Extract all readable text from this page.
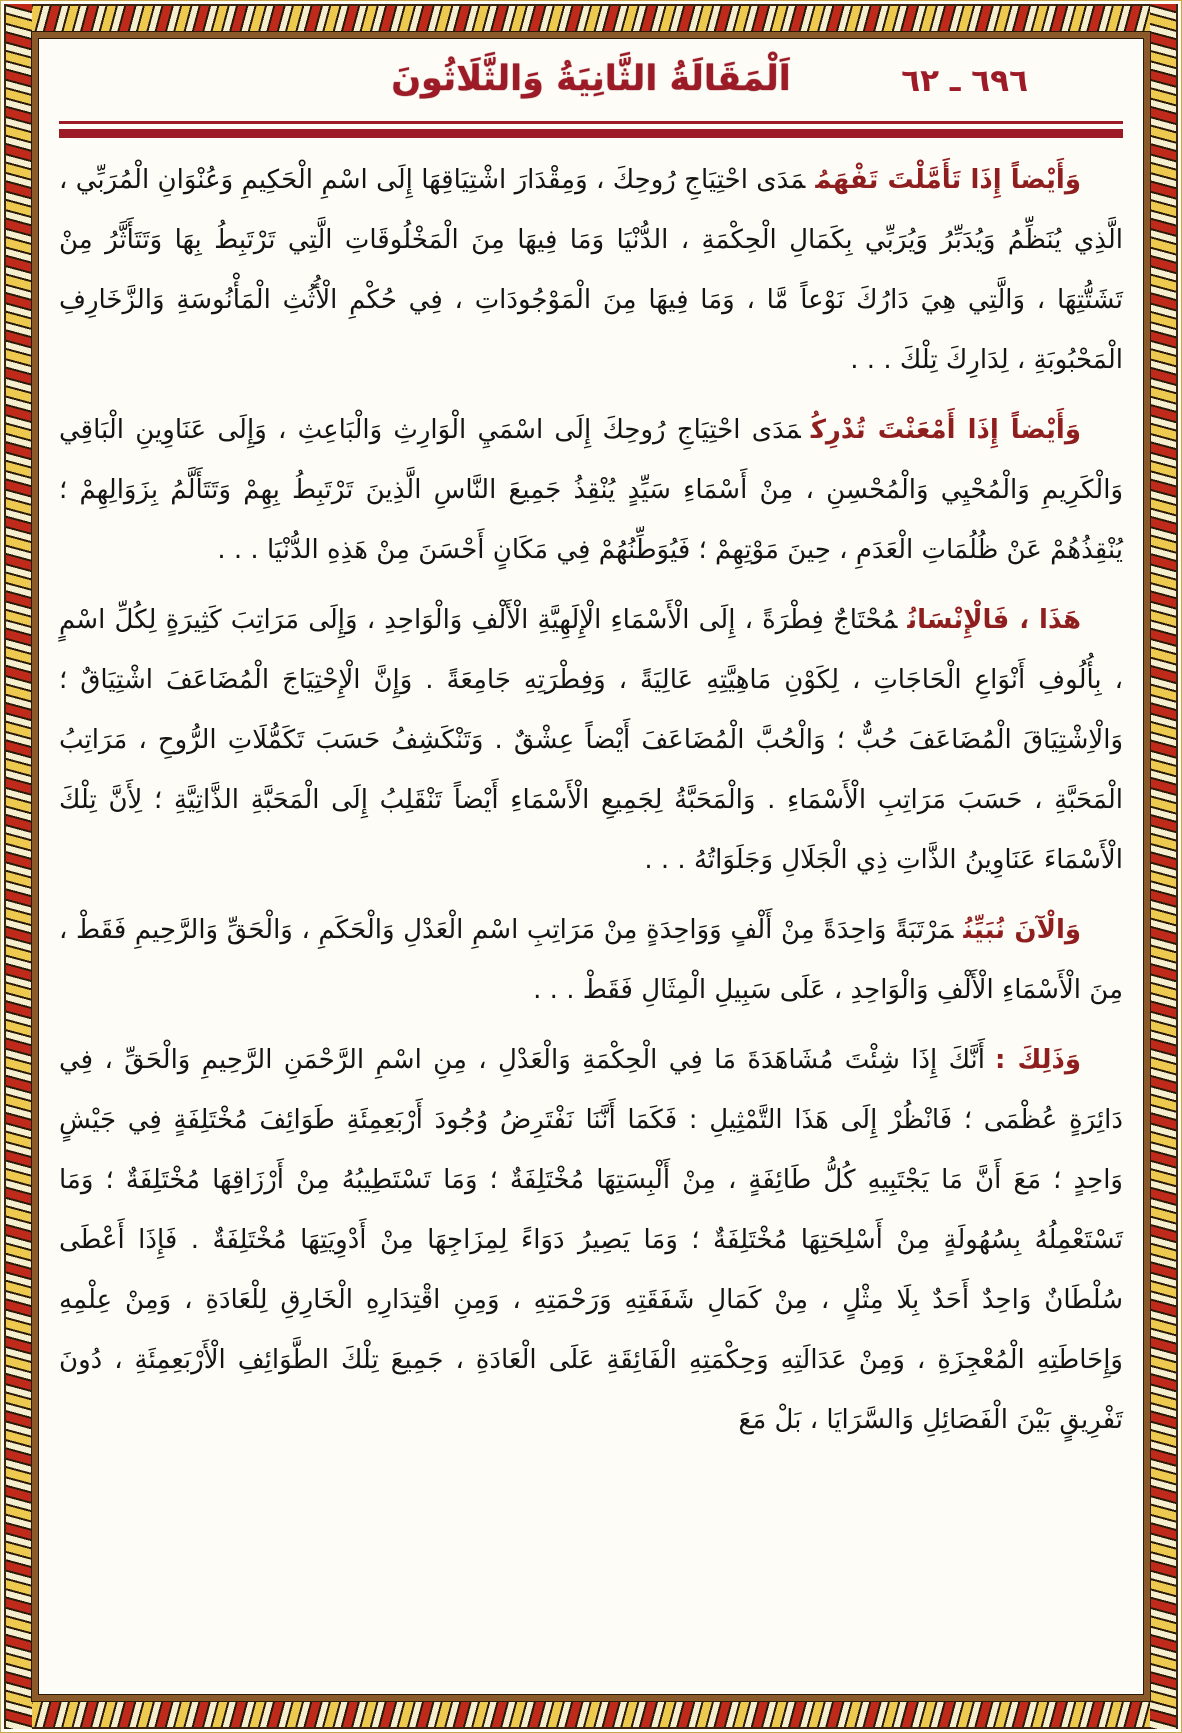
٦٩٦ ـ ٦٢
اَلْمَقَالَةُ الثَّانِيَةُ وَالثَّلَاثُونَ

وَأَيْضاً إِذَا تَأَمَّلْتَ تَفْهَمُمَدَى احْتِيَاجِ رُوحِكَ ، وَمِقْدَارَ اشْتِيَاقِهَا إِلَى اسْمِ الْحَكِيمِ وَعُنْوَانِ الْمُرَبِّي ، الَّذِي يُنَظِّمُ وَيُدَبِّرُ وَيُرَبِّي بِكَمَالِ الْحِكْمَةِ ، الدُّنْيَا وَمَا فِيهَا مِنَ الْمَخْلُوقَاتِ الَّتِي تَرْتَبِطُ بِهَا وَتَتَأَثَّرُ مِنْ تَشَتُّتِهَا ، وَالَّتِي هِيَ دَارُكَ نَوْعاً مَّا ، وَمَا فِيهَا مِنَ الْمَوْجُودَاتِ ، فِي حُكْمِ الْأُثُثِ الْمَأْنُوسَةِ وَالزَّخَارِفِ الْمَحْبُوبَةِ ، لِدَارِكَ تِلْكَ . . .

وَأَيْضاً إِذَا أَمْعَنْتَ تُدْرِكُمَدَى احْتِيَاجِ رُوحِكَ إِلَى اسْمَيِ الْوَارِثِ وَالْبَاعِثِ ، وَإِلَى عَنَاوِينِ الْبَاقِي وَالْكَرِيمِ وَالْمُحْيِي وَالْمُحْسِنِ ، مِنْ أَسْمَاءِ سَيِّدٍ يُنْقِذُ جَمِيعَ النَّاسِ الَّذِينَ تَرْتَبِطُ بِهِمْ وَتَتَأَلَّمُ بِزَوَالِهِمْ ؛ يُنْقِذُهُمْ عَنْ ظُلُمَاتِ الْعَدَمِ ، حِينَ مَوْتِهِمْ ؛ فَيُوَطِّنُهُمْ فِي مَكَانٍ أَحْسَنَ مِنْ هَذِهِ الدُّنْيَا . . .

هَذَا ، فَالْإِنْسَانُمُحْتَاجٌ فِطْرَةً ، إِلَى الْأَسْمَاءِ الْإِلَهِيَّةِ الْأَلْفِ وَالْوَاحِدِ ، وَإِلَى مَرَاتِبَ كَثِيرَةٍ لِكُلِّ اسْمٍ ، بِأُلُوفِ أَنْوَاعِ الْحَاجَاتِ ، لِكَوْنِ مَاهِيَّتِهِ عَالِيَةً ، وَفِطْرَتِهِ جَامِعَةً . وَإِنَّ الْإِحْتِيَاجَ الْمُضَاعَفَ اشْتِيَاقٌ ؛ وَالْاِشْتِيَاقَ الْمُضَاعَفَ حُبٌّ ؛ وَالْحُبَّ الْمُضَاعَفَ أَيْضاً عِشْقٌ . وَتَنْكَشِفُ حَسَبَ تَكَمُّلَاتِ الرُّوحِ ، مَرَاتِبُ الْمَحَبَّةِ ، حَسَبَ مَرَاتِبِ الْأَسْمَاءِ . وَالْمَحَبَّةُ لِجَمِيعِ الْأَسْمَاءِ أَيْضاً تَنْقَلِبُ إِلَى الْمَحَبَّةِ الذَّاتِيَّةِ ؛ لِأَنَّ تِلْكَ الْأَسْمَاءَ عَنَاوِينُ الذَّاتِ ذِي الْجَلَالِ وَجَلَوَاتُهُ . . .

وَالْآنَ نُبَيِّنُمَرْتَبَةً وَاحِدَةً مِنْ أَلْفٍ وَوَاحِدَةٍ مِنْ مَرَاتِبِ اسْمِ الْعَدْلِ وَالْحَكَمِ ، وَالْحَقِّ وَالرَّحِيمِ فَقَطْ ، مِنَ الْأَسْمَاءِ الْأَلْفِ وَالْوَاحِدِ ، عَلَى سَبِيلِ الْمِثَالِ فَقَطْ . . .

وَذَلِكَ :أَنَّكَ إِذَا شِئْتَ مُشَاهَدَةَ مَا فِي الْحِكْمَةِ وَالْعَدْلِ ، مِنِ اسْمِ الرَّحْمَنِ الرَّحِيمِ وَالْحَقِّ ، فِي دَائِرَةٍ عُظْمَى ؛ فَانْظُرْ إِلَى هَذَا التَّمْثِيلِ : فَكَمَا أَنَّنَا نَفْتَرِضُ وُجُودَ أَرْبَعِمِئَةِ طَوَائِفَ مُخْتَلِفَةٍ فِي جَيْشٍ وَاحِدٍ ؛ مَعَ أَنَّ مَا يَجْتَبِيهِ كُلُّ طَائِفَةٍ ، مِنْ أَلْبِسَتِهَا مُخْتَلِفَةٌ ؛ وَمَا تَسْتَطِيبُهُ مِنْ أَرْزَاقِهَا مُخْتَلِفَةٌ ؛ وَمَا تَسْتَعْمِلُهُ بِسُهُولَةٍ مِنْ أَسْلِحَتِهَا مُخْتَلِفَةٌ ؛ وَمَا يَصِيرُ دَوَاءً لِمِزَاجِهَا مِنْ أَدْوِيَتِهَا مُخْتَلِفَةٌ . فَإِذَا أَعْطَى سُلْطَانٌ وَاحِدٌ أَحَدٌ بِلَا مِثْلٍ ، مِنْ كَمَالِ شَفَقَتِهِ وَرَحْمَتِهِ ، وَمِنِ اقْتِدَارِهِ الْخَارِقِ لِلْعَادَةِ ، وَمِنْ عِلْمِهِ وَإِحَاطَتِهِ الْمُعْجِزَةِ ، وَمِنْ عَدَالَتِهِ وَحِكْمَتِهِ الْفَائِقَةِ عَلَى الْعَادَةِ ، جَمِيعَ تِلْكَ الطَّوَائِفِ الْأَرْبَعِمِئَةِ ، دُونَ تَفْرِيقٍ بَيْنَ الْفَصَائِلِ وَالسَّرَايَا ، بَلْ مَعَ
